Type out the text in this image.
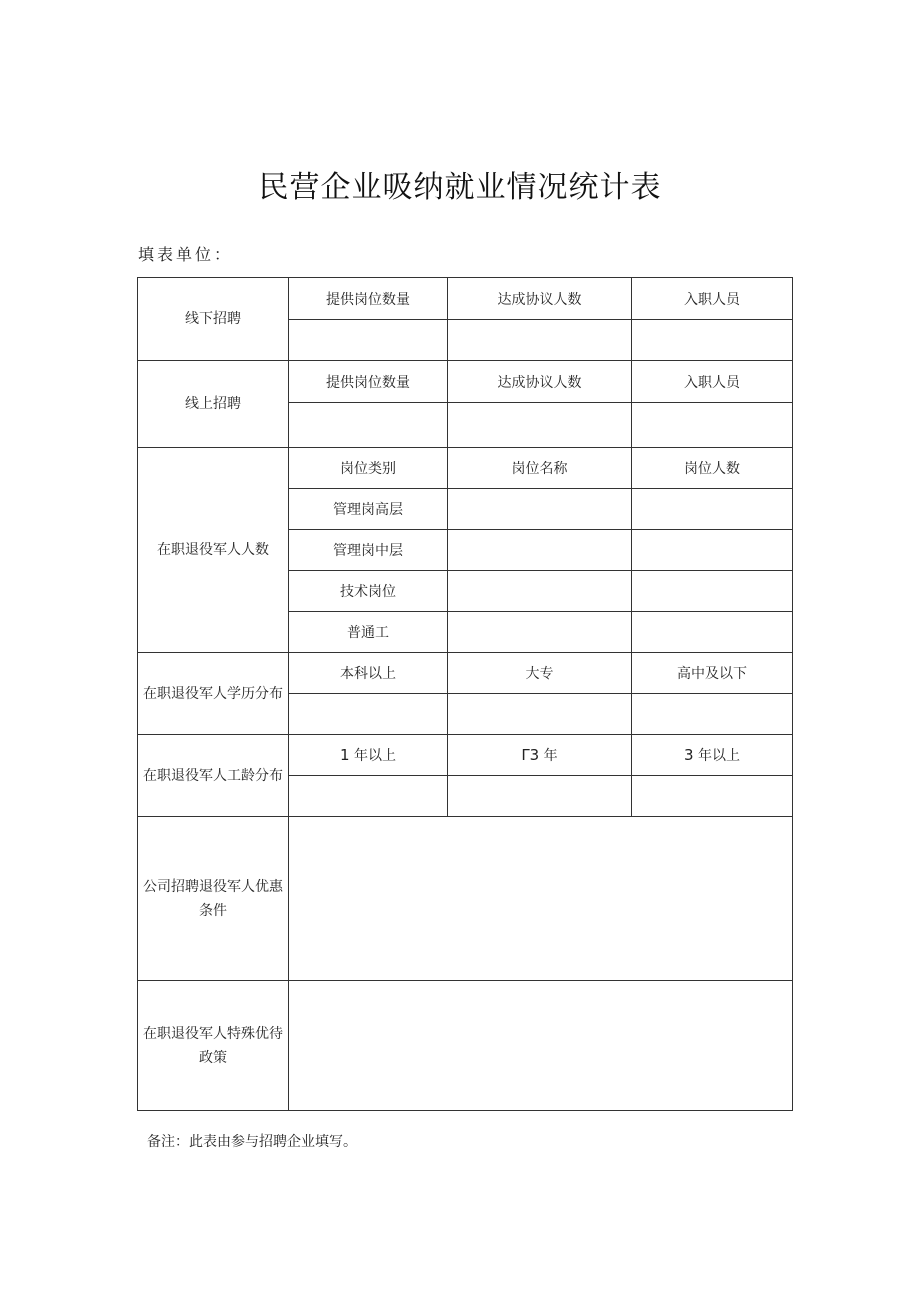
民营企业吸纳就业情况统计表
填表单位：
线下招聘	提供岗位数量	达成协议人数	入职人员

线上招聘	提供岗位数量	达成协议人数	入职人员

在职退役军人人数	岗位类别	岗位名称	岗位人数
	管理岗高层		
	管理岗中层		
	技术岗位		
	普通工		
在职退役军人学历分布	本科以上	大专	高中及以下

在职退役军人工龄分布	1 年以上	Γ3 年	3 年以上

公司招聘退役军人优惠
条件			

在职退役军人特殊优待
政策			

备注：此表由参与招聘企业填写。
